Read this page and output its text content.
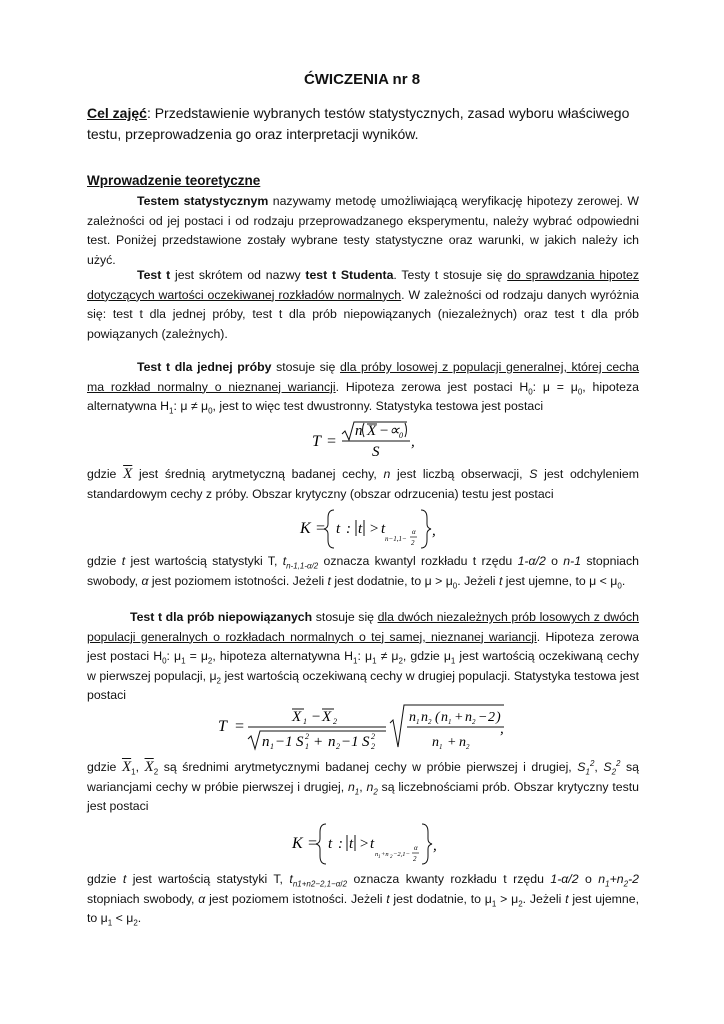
ĆWICZENIA nr 8
Cel zajęć: Przedstawienie wybranych testów statystycznych, zasad wyboru właściwego testu, przeprowadzenia go oraz interpretacji wyników.
Wprowadzenie teoretyczne

Testem statystycznym nazywamy metodę umożliwiającą weryfikację hipotezy zerowej. W zależności od jej postaci i od rodzaju przeprowadzanego eksperymentu, należy wybrać odpowiedni test. Poniżej przedstawione zostały wybrane testy statystyczne oraz warunki, w jakich należy ich użyć.

Test t jest skrótem od nazwy test t Studenta. Testy t stosuje się do sprawdzania hipotez dotyczących wartości oczekiwanej rozkładów normalnych. W zależności od rodzaju danych wyróżnia się: test t dla jednej próby, test t dla prób niepowiązanych (niezależnych) oraz test t dla prób powiązanych (zależnych).

Test t dla jednej próby stosuje się dla próby losowej z populacji generalnej, której cecha ma rozkład normalny o nieznanej wariancji. Hipoteza zerowa jest postaci $H_0$: $\mu = \mu_0$, hipoteza alternatywna $H_1$: $\mu \ne \mu_0$, jest to więc test dwustronny. Statystyka testowa jest postaci

T =
n X − ∝ 0
S
,

gdzie $\overline{X}$ jest średnią arytmetyczną badanej cechy, n jest liczbą obserwacji, S jest odchyleniem standardowym cechy z próby. Obszar krytyczny (obszar odrzucenia) testu jest postaci

K = t : t > t
n−1,1−
α
2
,

gdzie t jest wartością statystyki T, $t_{n-1,1-\alpha/2}$ oznacza kwantyl rozkładu t rzędu 1-α/2 o n-1 stopniach swobody, α jest poziomem istotności. Jeżeli t jest dodatnie, to $\mu > \mu_0$. Jeżeli t jest ujemne, to $\mu < \mu_0$.

Test t dla prób niepowiązanych stosuje się dla dwóch niezależnych prób losowych z dwóch populacji generalnych o rozkładach normalnych o tej samej, nieznanej wariancji. Hipoteza zerowa jest postaci $H_0$: $\mu_1 = \mu_2$, hipoteza alternatywna $H_1$: $\mu_1 \ne \mu_2$, gdzie $\mu_1$ jest wartością oczekiwaną cechy w pierwszej populacji, $\mu_2$ jest wartością oczekiwaną cechy w drugiej populacji. Statystyka testowa jest postaci

T =
X 1 − X 2
n 1 −1 S 2
1 + n 2 −1 S 2
2
n 1 n 2 ( n 1 + n 2 − 2 )
n 1 + n 2
,

gdzie $\overline{X}_1$, $\overline{X}_2$ są średnimi arytmetycznymi badanej cechy w próbie pierwszej i drugiej, $S_1^2$, $S_2^2$ są wariancjami cechy w próbie pierwszej i drugiej, $n_1$, $n_2$ są liczebnościami prób. Obszar krytyczny testu jest postaci

K = t : t > t
n 1 +n 2 −2,1−
α
2
,

gdzie t jest wartością statystyki T, $t_{n1+n2-2,1-\alpha/2}$ oznacza kwanty rozkładu t rzędu 1-α/2 o $n_1+n_2-2$ stopniach swobody, α jest poziomem istotności. Jeżeli t jest dodatnie, to $\mu_1 > \mu_2$. Jeżeli t jest ujemne, to $\mu_1 < \mu_2$.
